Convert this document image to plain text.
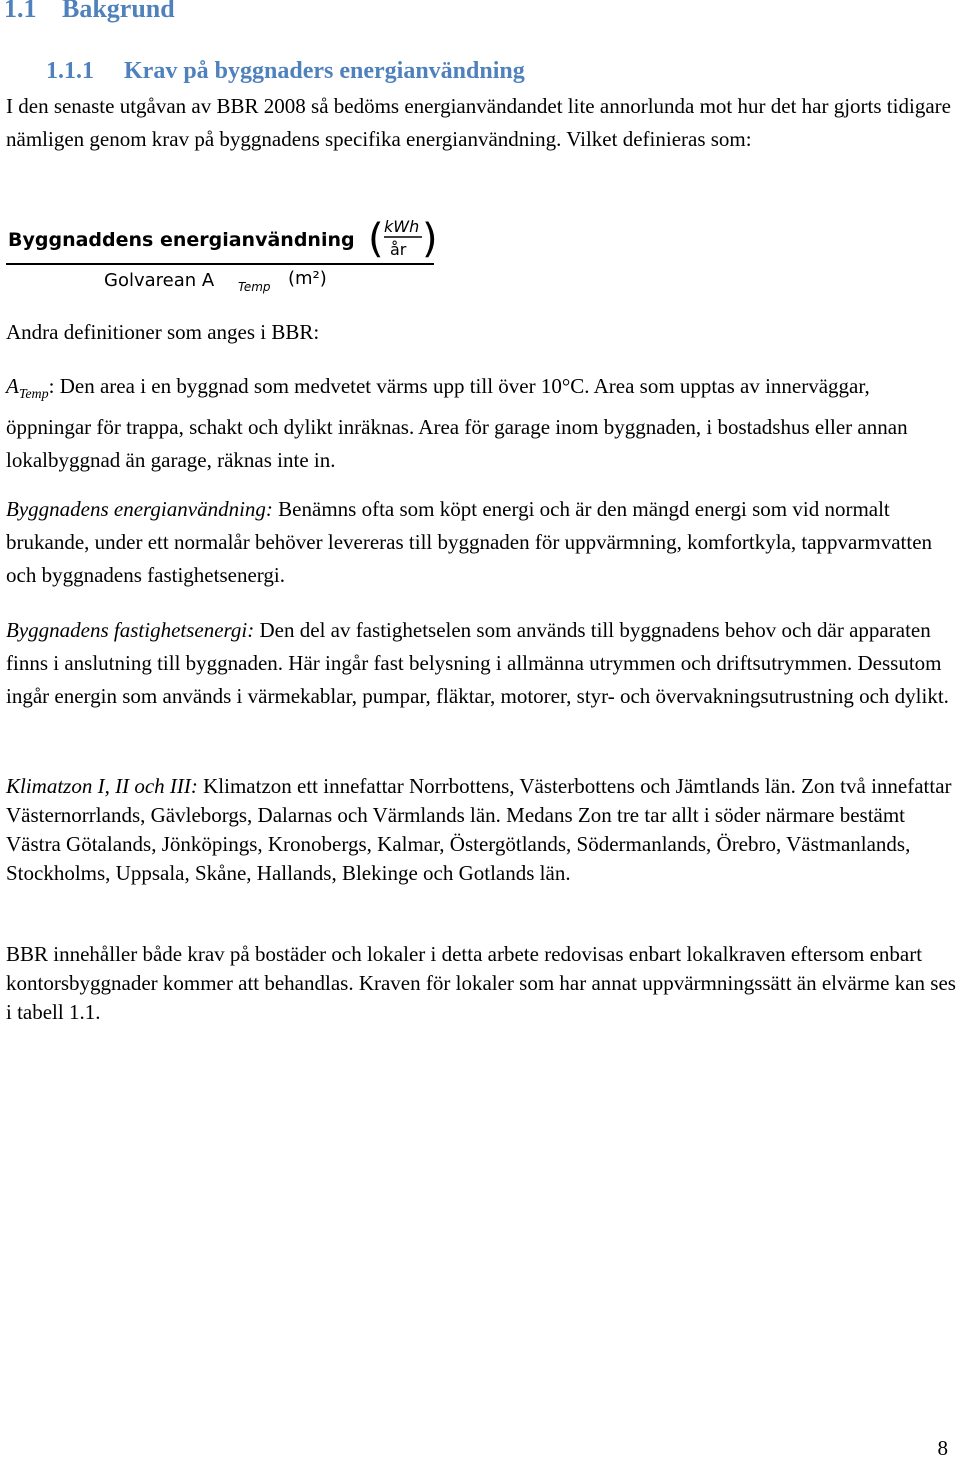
1.1 Bakgrund
1.1.1 Krav på byggnaders energianvändning

I den senaste utgåvan av BBR 2008 så bedöms energianvändandet lite annorlunda mot hur det har gjorts tidigare nämligen genom krav på byggnadens specifika energianvändning. Vilket definieras som:

Byggnaddens energianvändning ( kWh
år )
Golvarean A Temp (m²)

Andra definitioner som anges i BBR:

$A_{Temp}$: Den area i en byggnad som medvetet värms upp till över 10°C. Area som upptas av innerväggar, öppningar för trappa, schakt och dylikt inräknas. Area för garage inom byggnaden, i bostadshus eller annan lokalbyggnad än garage, räknas inte in.

Byggnadens energianvändning: Benämns ofta som köpt energi och är den mängd energi som vid normalt brukande, under ett normalår behöver levereras till byggnaden för uppvärmning, komfortkyla, tappvarmvatten och byggnadens fastighetsenergi.

Byggnadens fastighetsenergi: Den del av fastighetselen som används till byggnadens behov och där apparaten finns i anslutning till byggnaden. Här ingår fast belysning i allmänna utrymmen och driftsutrymmen. Dessutom ingår energin som används i värmekablar, pumpar, fläktar, motorer, styr- och övervakningsutrustning och dylikt.

Klimatzon I, II och III: Klimatzon ett innefattar Norrbottens, Västerbottens och Jämtlands län. Zon två innefattar Västernorrlands, Gävleborgs, Dalarnas och Värmlands län. Medans Zon tre tar allt i söder närmare bestämt Västra Götalands, Jönköpings, Kronobergs, Kalmar, Östergötlands, Södermanlands, Örebro, Västmanlands, Stockholms, Uppsala, Skåne, Hallands, Blekinge och Gotlands län.

BBR innehåller både krav på bostäder och lokaler i detta arbete redovisas enbart lokalkraven eftersom enbart kontorsbyggnader kommer att behandlas. Kraven för lokaler som har annat uppvärmningssätt än elvärme kan ses i tabell 1.1.

8
